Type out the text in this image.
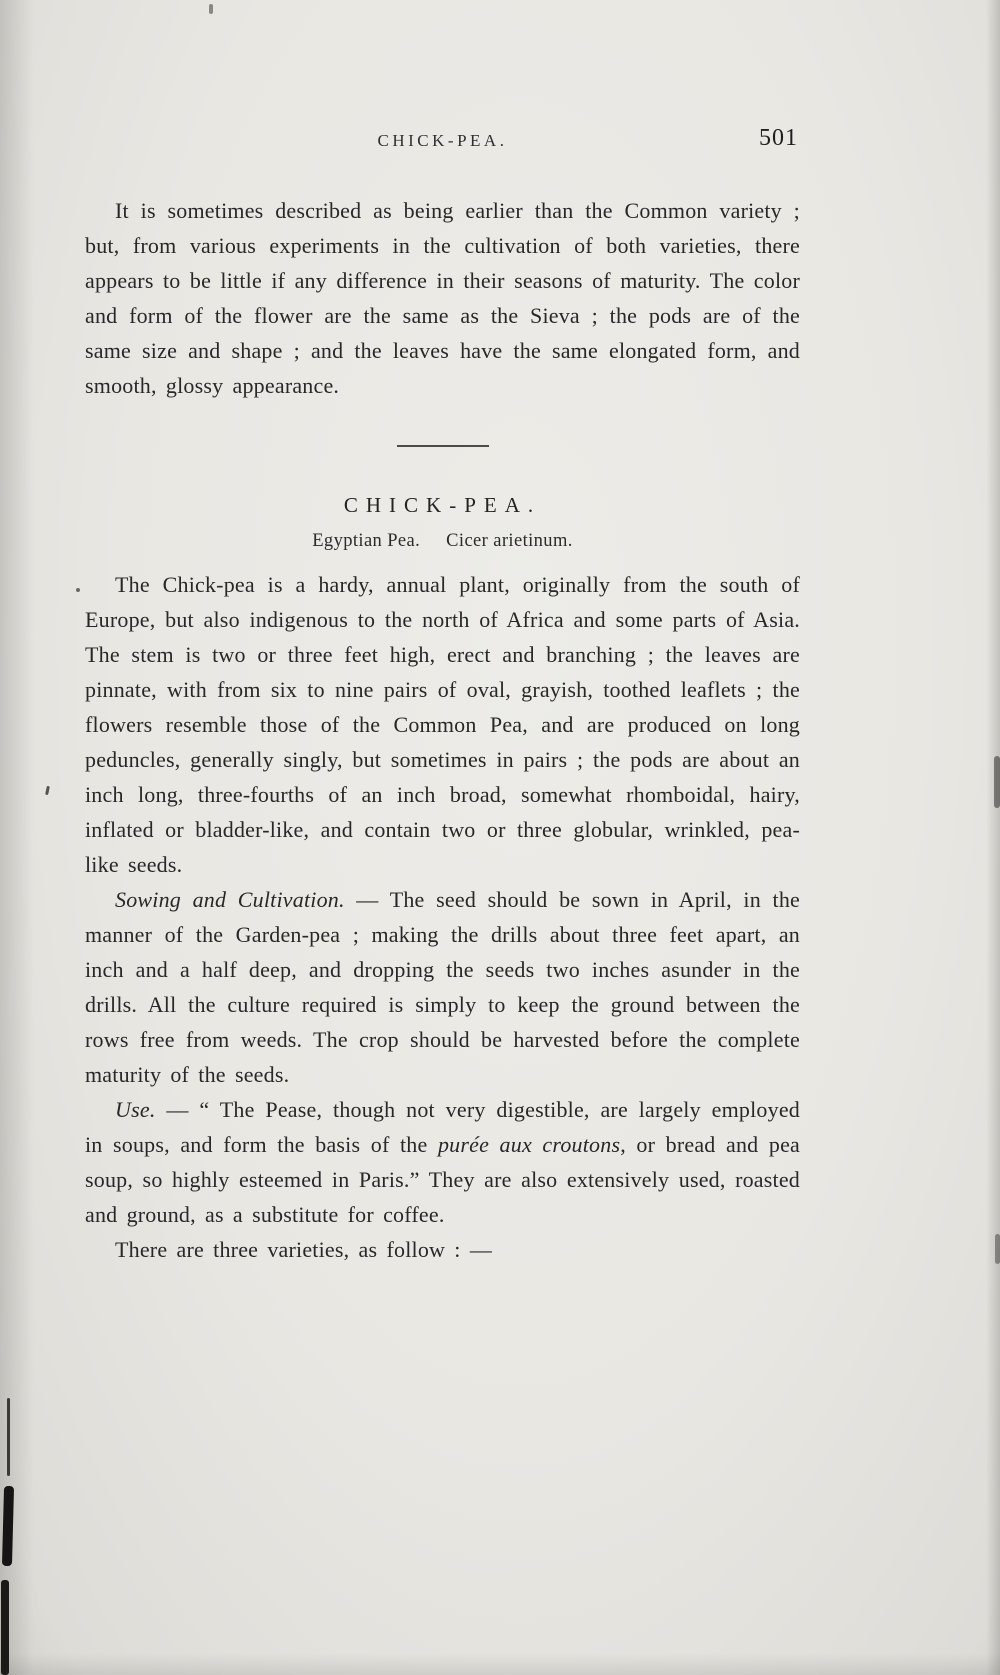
CHICK-PEA.	501

It is sometimes described as being earlier than the Common variety ; but, from various experiments in the cultivation of both varieties, there appears to be little if any difference in their seasons of maturity. The color and form of the flower are the same as the Sieva ; the pods are of the same size and shape ; and the leaves have the same elongated form, and smooth, glossy appearance.

CHICK-PEA.
Egyptian Pea. Cicer arietinum.

The Chick-pea is a hardy, annual plant, originally from the south of Europe, but also indigenous to the north of Africa and some parts of Asia. The stem is two or three feet high, erect and branching ; the leaves are pinnate, with from six to nine pairs of oval, grayish, toothed leaflets ; the flowers resemble those of the Common Pea, and are produced on long peduncles, generally singly, but sometimes in pairs ; the pods are about an inch long, three-fourths of an inch broad, somewhat rhomboidal, hairy, inflated or bladder-like, and contain two or three globular, wrinkled, pea-like seeds.

Sowing and Cultivation. — The seed should be sown in April, in the manner of the Garden-pea ; making the drills about three feet apart, an inch and a half deep, and dropping the seeds two inches asunder in the drills. All the culture required is simply to keep the ground between the rows free from weeds. The crop should be harvested before the complete maturity of the seeds.

Use. — “ The Pease, though not very digestible, are largely employed in soups, and form the basis of the purée aux croutons, or bread and pea soup, so highly esteemed in Paris.” They are also extensively used, roasted and ground, as a substitute for coffee.

There are three varieties, as follow : —
